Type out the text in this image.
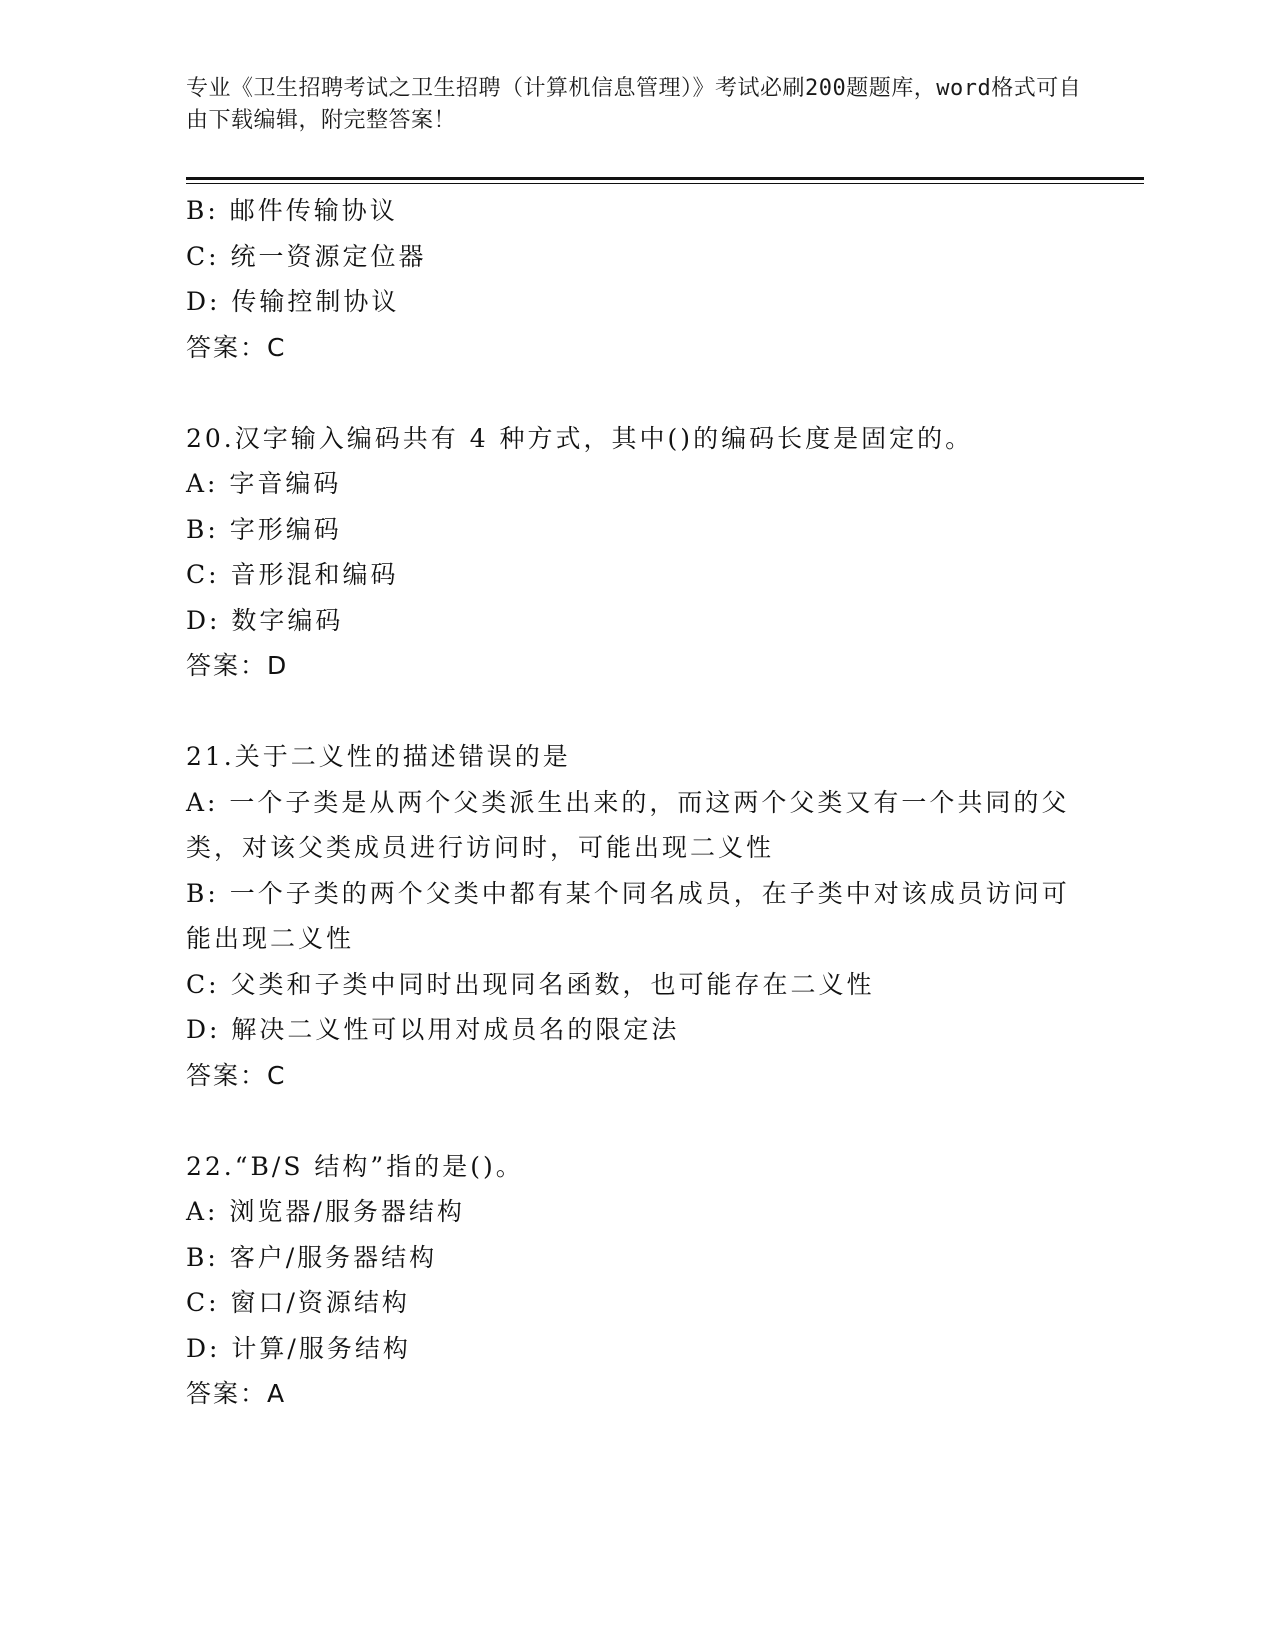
专业《卫生招聘考试之卫生招聘（计算机信息管理）》考试必刷200题题库，word格式可自由下载编辑，附完整答案！
B: 邮件传输协议
C: 统一资源定位器
D: 传输控制协议
答案：C
20.汉字输入编码共有 4 种方式，其中()的编码长度是固定的。
A: 字音编码
B: 字形编码
C: 音形混和编码
D: 数字编码
答案：D
21.关于二义性的描述错误的是
A: 一个子类是从两个父类派生出来的，而这两个父类又有一个共同的父类，对该父类成员进行访问时，可能出现二义性
B: 一个子类的两个父类中都有某个同名成员，在子类中对该成员访问可能出现二义性
C: 父类和子类中同时出现同名函数，也可能存在二义性
D: 解决二义性可以用对成员名的限定法
答案：C
22.“B/S 结构”指的是()。
A: 浏览器/服务器结构
B: 客户/服务器结构
C: 窗口/资源结构
D: 计算/服务结构
答案：A
